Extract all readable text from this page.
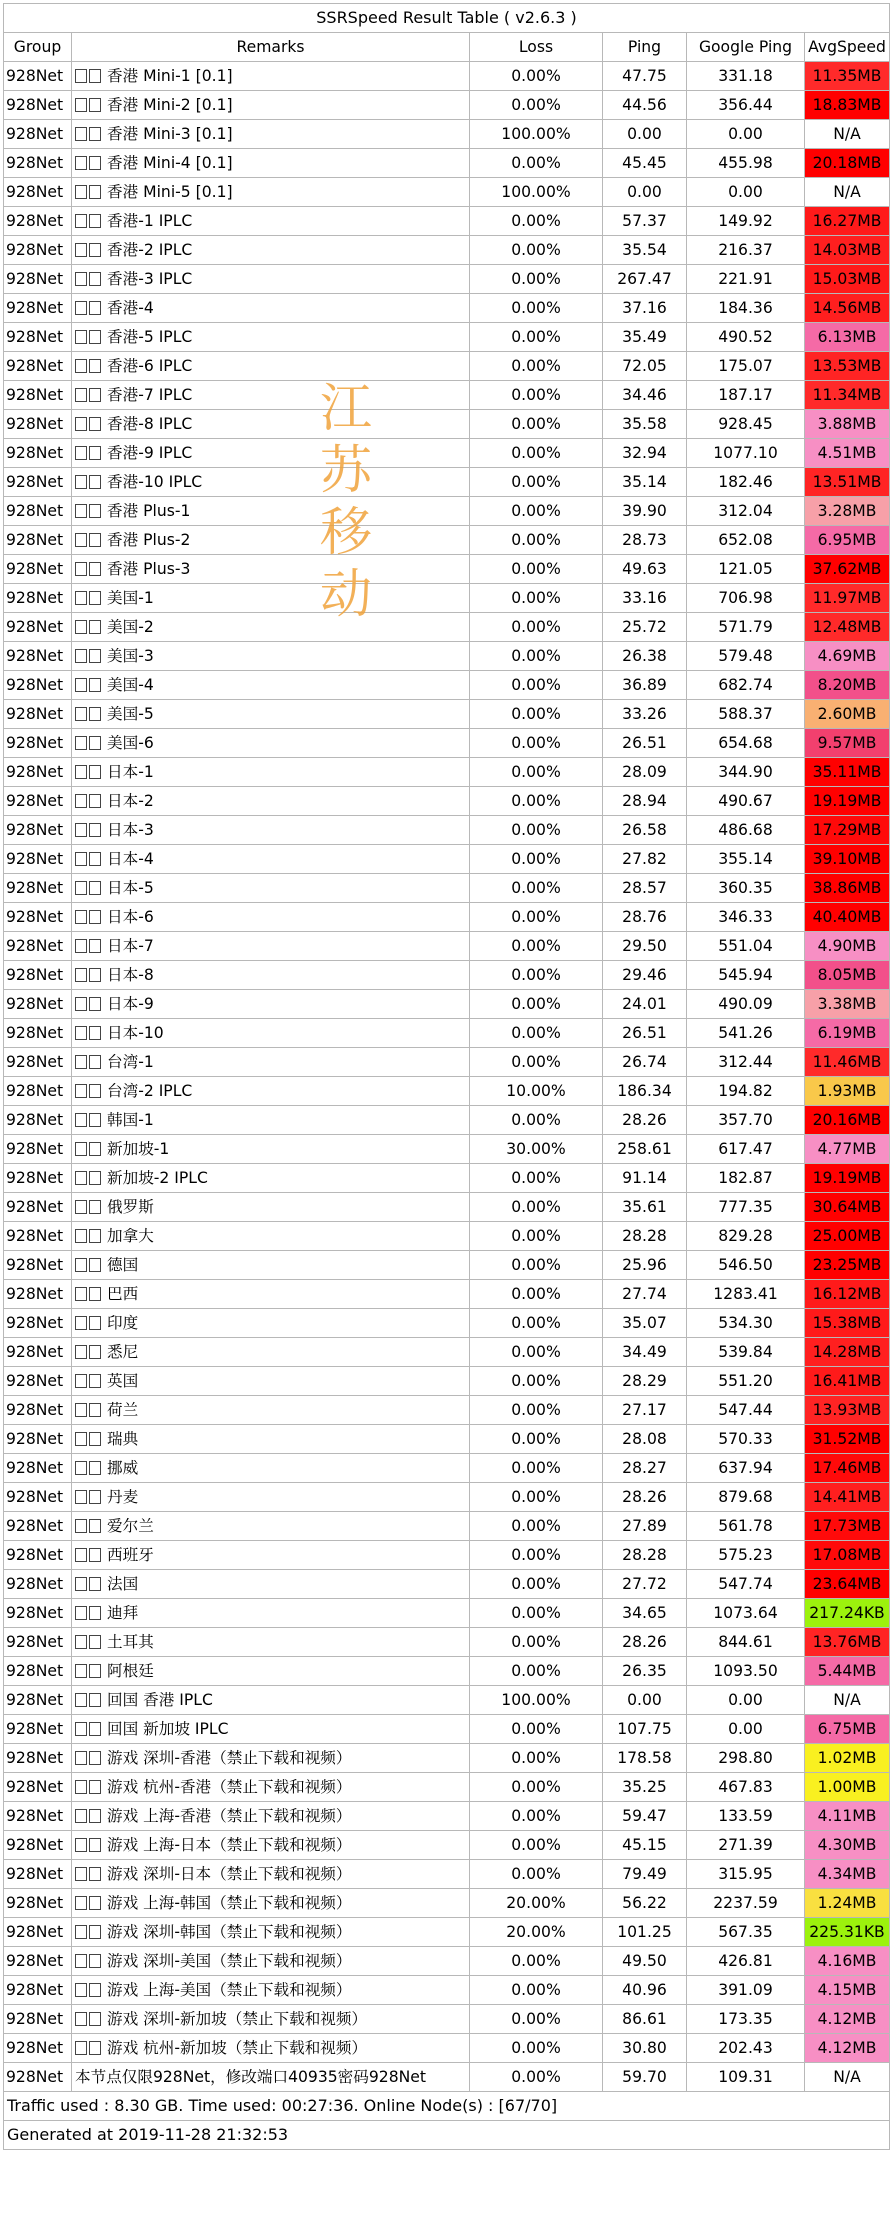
SSRSpeed Result Table ( v2.6.3 )					
Group	Remarks	Loss	Ping	Google Ping	AvgSpeed
928Net	香港 Mini-1 [0.1]	0.00%	47.75	331.18	11.35MB
928Net	香港 Mini-2 [0.1]	0.00%	44.56	356.44	18.83MB
928Net	香港 Mini-3 [0.1]	100.00%	0.00	0.00	N/A
928Net	香港 Mini-4 [0.1]	0.00%	45.45	455.98	20.18MB
928Net	香港 Mini-5 [0.1]	100.00%	0.00	0.00	N/A
928Net	香港-1 IPLC	0.00%	57.37	149.92	16.27MB
928Net	香港-2 IPLC	0.00%	35.54	216.37	14.03MB
928Net	香港-3 IPLC	0.00%	267.47	221.91	15.03MB
928Net	香港-4	0.00%	37.16	184.36	14.56MB
928Net	香港-5 IPLC	0.00%	35.49	490.52	6.13MB
928Net	香港-6 IPLC	0.00%	72.05	175.07	13.53MB
928Net	香港-7 IPLC	0.00%	34.46	187.17	11.34MB
928Net	香港-8 IPLC	0.00%	35.58	928.45	3.88MB
928Net	香港-9 IPLC	0.00%	32.94	1077.10	4.51MB
928Net	香港-10 IPLC	0.00%	35.14	182.46	13.51MB
928Net	香港 Plus-1	0.00%	39.90	312.04	3.28MB
928Net	香港 Plus-2	0.00%	28.73	652.08	6.95MB
928Net	香港 Plus-3	0.00%	49.63	121.05	37.62MB
928Net	美国-1	0.00%	33.16	706.98	11.97MB
928Net	美国-2	0.00%	25.72	571.79	12.48MB
928Net	美国-3	0.00%	26.38	579.48	4.69MB
928Net	美国-4	0.00%	36.89	682.74	8.20MB
928Net	美国-5	0.00%	33.26	588.37	2.60MB
928Net	美国-6	0.00%	26.51	654.68	9.57MB
928Net	日本-1	0.00%	28.09	344.90	35.11MB
928Net	日本-2	0.00%	28.94	490.67	19.19MB
928Net	日本-3	0.00%	26.58	486.68	17.29MB
928Net	日本-4	0.00%	27.82	355.14	39.10MB
928Net	日本-5	0.00%	28.57	360.35	38.86MB
928Net	日本-6	0.00%	28.76	346.33	40.40MB
928Net	日本-7	0.00%	29.50	551.04	4.90MB
928Net	日本-8	0.00%	29.46	545.94	8.05MB
928Net	日本-9	0.00%	24.01	490.09	3.38MB
928Net	日本-10	0.00%	26.51	541.26	6.19MB
928Net	台湾-1	0.00%	26.74	312.44	11.46MB
928Net	台湾-2 IPLC	10.00%	186.34	194.82	1.93MB
928Net	韩国-1	0.00%	28.26	357.70	20.16MB
928Net	新加坡-1	30.00%	258.61	617.47	4.77MB
928Net	新加坡-2 IPLC	0.00%	91.14	182.87	19.19MB
928Net	俄罗斯	0.00%	35.61	777.35	30.64MB
928Net	加拿大	0.00%	28.28	829.28	25.00MB
928Net	德国	0.00%	25.96	546.50	23.25MB
928Net	巴西	0.00%	27.74	1283.41	16.12MB
928Net	印度	0.00%	35.07	534.30	15.38MB
928Net	悉尼	0.00%	34.49	539.84	14.28MB
928Net	英国	0.00%	28.29	551.20	16.41MB
928Net	荷兰	0.00%	27.17	547.44	13.93MB
928Net	瑞典	0.00%	28.08	570.33	31.52MB
928Net	挪威	0.00%	28.27	637.94	17.46MB
928Net	丹麦	0.00%	28.26	879.68	14.41MB
928Net	爱尔兰	0.00%	27.89	561.78	17.73MB
928Net	西班牙	0.00%	28.28	575.23	17.08MB
928Net	法国	0.00%	27.72	547.74	23.64MB
928Net	迪拜	0.00%	34.65	1073.64	217.24KB
928Net	土耳其	0.00%	28.26	844.61	13.76MB
928Net	阿根廷	0.00%	26.35	1093.50	5.44MB
928Net	回国 香港 IPLC	100.00%	0.00	0.00	N/A
928Net	回国 新加坡 IPLC	0.00%	107.75	0.00	6.75MB
928Net	游戏 深圳-香港（禁止下载和视频）	0.00%	178.58	298.80	1.02MB
928Net	游戏 杭州-香港（禁止下载和视频）	0.00%	35.25	467.83	1.00MB
928Net	游戏 上海-香港（禁止下载和视频）	0.00%	59.47	133.59	4.11MB
928Net	游戏 上海-日本（禁止下载和视频）	0.00%	45.15	271.39	4.30MB
928Net	游戏 深圳-日本（禁止下载和视频）	0.00%	79.49	315.95	4.34MB
928Net	游戏 上海-韩国（禁止下载和视频）	20.00%	56.22	2237.59	1.24MB
928Net	游戏 深圳-韩国（禁止下载和视频）	20.00%	101.25	567.35	225.31KB
928Net	游戏 深圳-美国（禁止下载和视频）	0.00%	49.50	426.81	4.16MB
928Net	游戏 上海-美国（禁止下载和视频）	0.00%	40.96	391.09	4.15MB
928Net	游戏 深圳-新加坡（禁止下载和视频）	0.00%	86.61	173.35	4.12MB
928Net	游戏 杭州-新加坡（禁止下载和视频）	0.00%	30.80	202.43	4.12MB
928Net	本节点仅限928Net，修改端口40935密码928Net	0.00%	59.70	109.31	N/A
Traffic used : 8.30 GB. Time used: 00:27:36. Online Node(s) : [67/70]					
Generated at 2019-11-28 21:32:53					
江
苏
移
动
